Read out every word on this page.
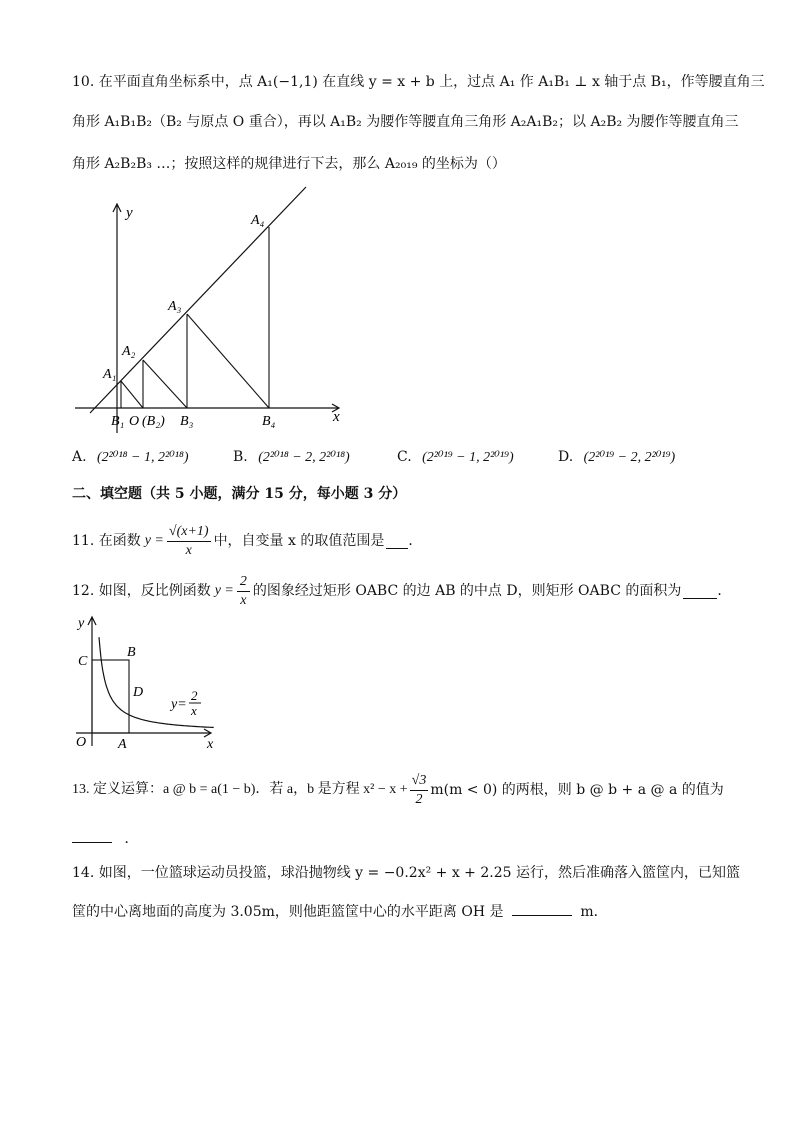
10. 在平面直角坐标系中，点 A₁(−1,1) 在直线 y = x + b 上，过点 A₁ 作 A₁B₁ ⊥ x 轴于点 B₁，作等腰直角三
角形 A₁B₁B₂（B₂ 与原点 O 重合），再以 A₁B₂ 为腰作等腰直角三角形 A₂A₁B₂；以 A₂B₂ 为腰作等腰直角三
角形 A₂B₂B₃ …；按照这样的规律进行下去，那么 A₂₀₁₉ 的坐标为（）
y
x
A₁
A₂
A₃
A₄
B₁ O (B₂) B₃	B₄
A. (2²⁰¹⁸ − 1, 2²⁰¹⁸)	B. (2²⁰¹⁸ − 2, 2²⁰¹⁸)	C. (2²⁰¹⁹ − 1, 2²⁰¹⁹)	D. (2²⁰¹⁹ − 2, 2²⁰¹⁹)
二、填空题（共 5 小题，满分 15 分，每小题 3 分）
11. 在函数 $y = \frac{√(x+1)}{x}$ 中，自变量 x 的取值范围是 ．
12. 如图，反比例函数 $y = \frac{2}{x}$ 的图象经过矩形 OABC 的边 AB 的中点 D，则矩形 OABC 的面积为	．
C
B
D
O A	x
y
y=
2
x
13. 定义运算：a @ b = a(1 − b)．若 a，b 是方程 $x^2 - x + \frac{√3}{2} m(m < 0)$ 的两根，则 b @ b + a @ a 的值为
．
14. 如图，一位篮球运动员投篮，球沿抛物线 y = −0.2x² + x + 2.25 运行，然后准确落入篮筐内，已知篮
筐的中心离地面的高度为 3.05m，则他距篮筐中心的水平距离 OH 是	m．
